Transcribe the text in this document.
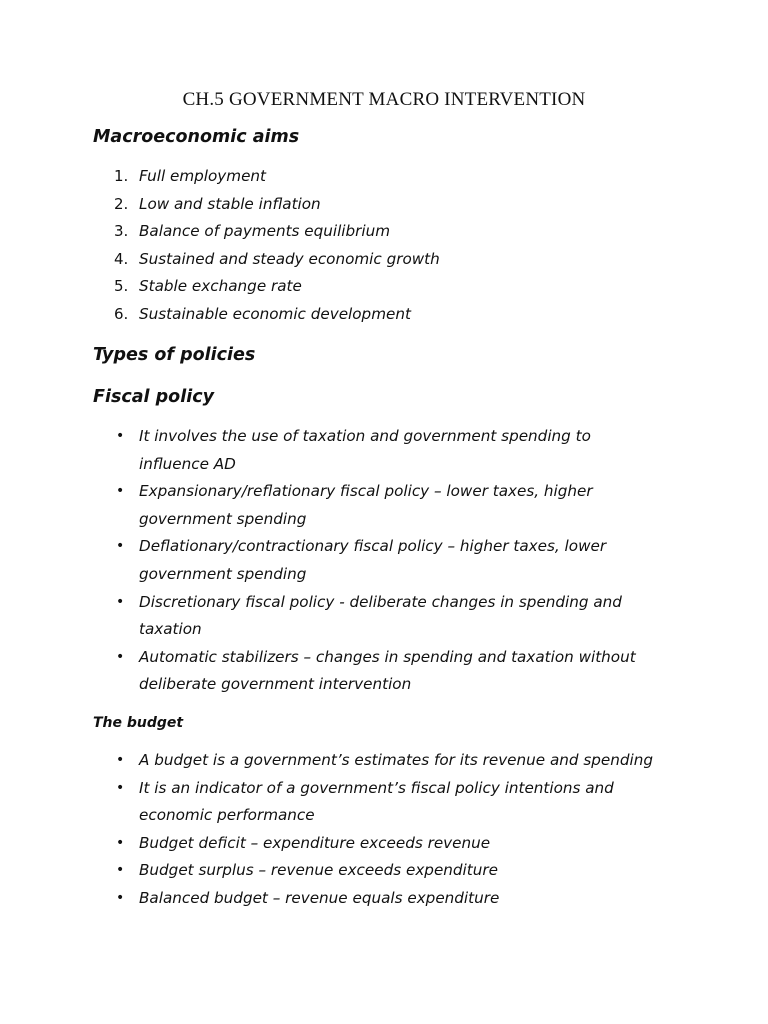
CH.5 GOVERNMENT MACRO INTERVENTION
Macroeconomic aims
1. Full employment
2. Low and stable inflation
3. Balance of payments equilibrium
4. Sustained and steady economic growth
5. Stable exchange rate
6. Sustainable economic development
Types of policies
Fiscal policy
• It involves the use of taxation and government spending to
influence AD
• Expansionary/reflationary fiscal policy – lower taxes, higher
government spending
• Deflationary/contractionary fiscal policy – higher taxes, lower
government spending
• Discretionary fiscal policy - deliberate changes in spending and
taxation
• Automatic stabilizers – changes in spending and taxation without
deliberate government intervention
The budget
• A budget is a government’s estimates for its revenue and spending
• It is an indicator of a government’s fiscal policy intentions and
economic performance
• Budget deficit – expenditure exceeds revenue
• Budget surplus – revenue exceeds expenditure
• Balanced budget – revenue equals expenditure
